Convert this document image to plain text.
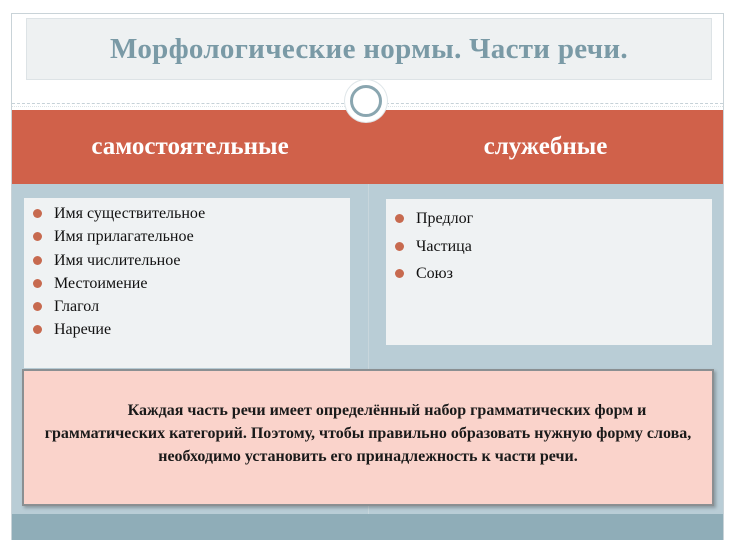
Морфологические нормы. Части речи.
самостоятельные	служебные
Имя существительное
Имя прилагательное
Имя числительное
Местоимение
Глагол
Наречие
Предлог
Частица
Союз
Каждая часть речи имеет определённый набор грамматических форм и грамматических категорий. Поэтому, чтобы правильно образовать нужную форму слова, необходимо установить его принадлежность к части речи.
